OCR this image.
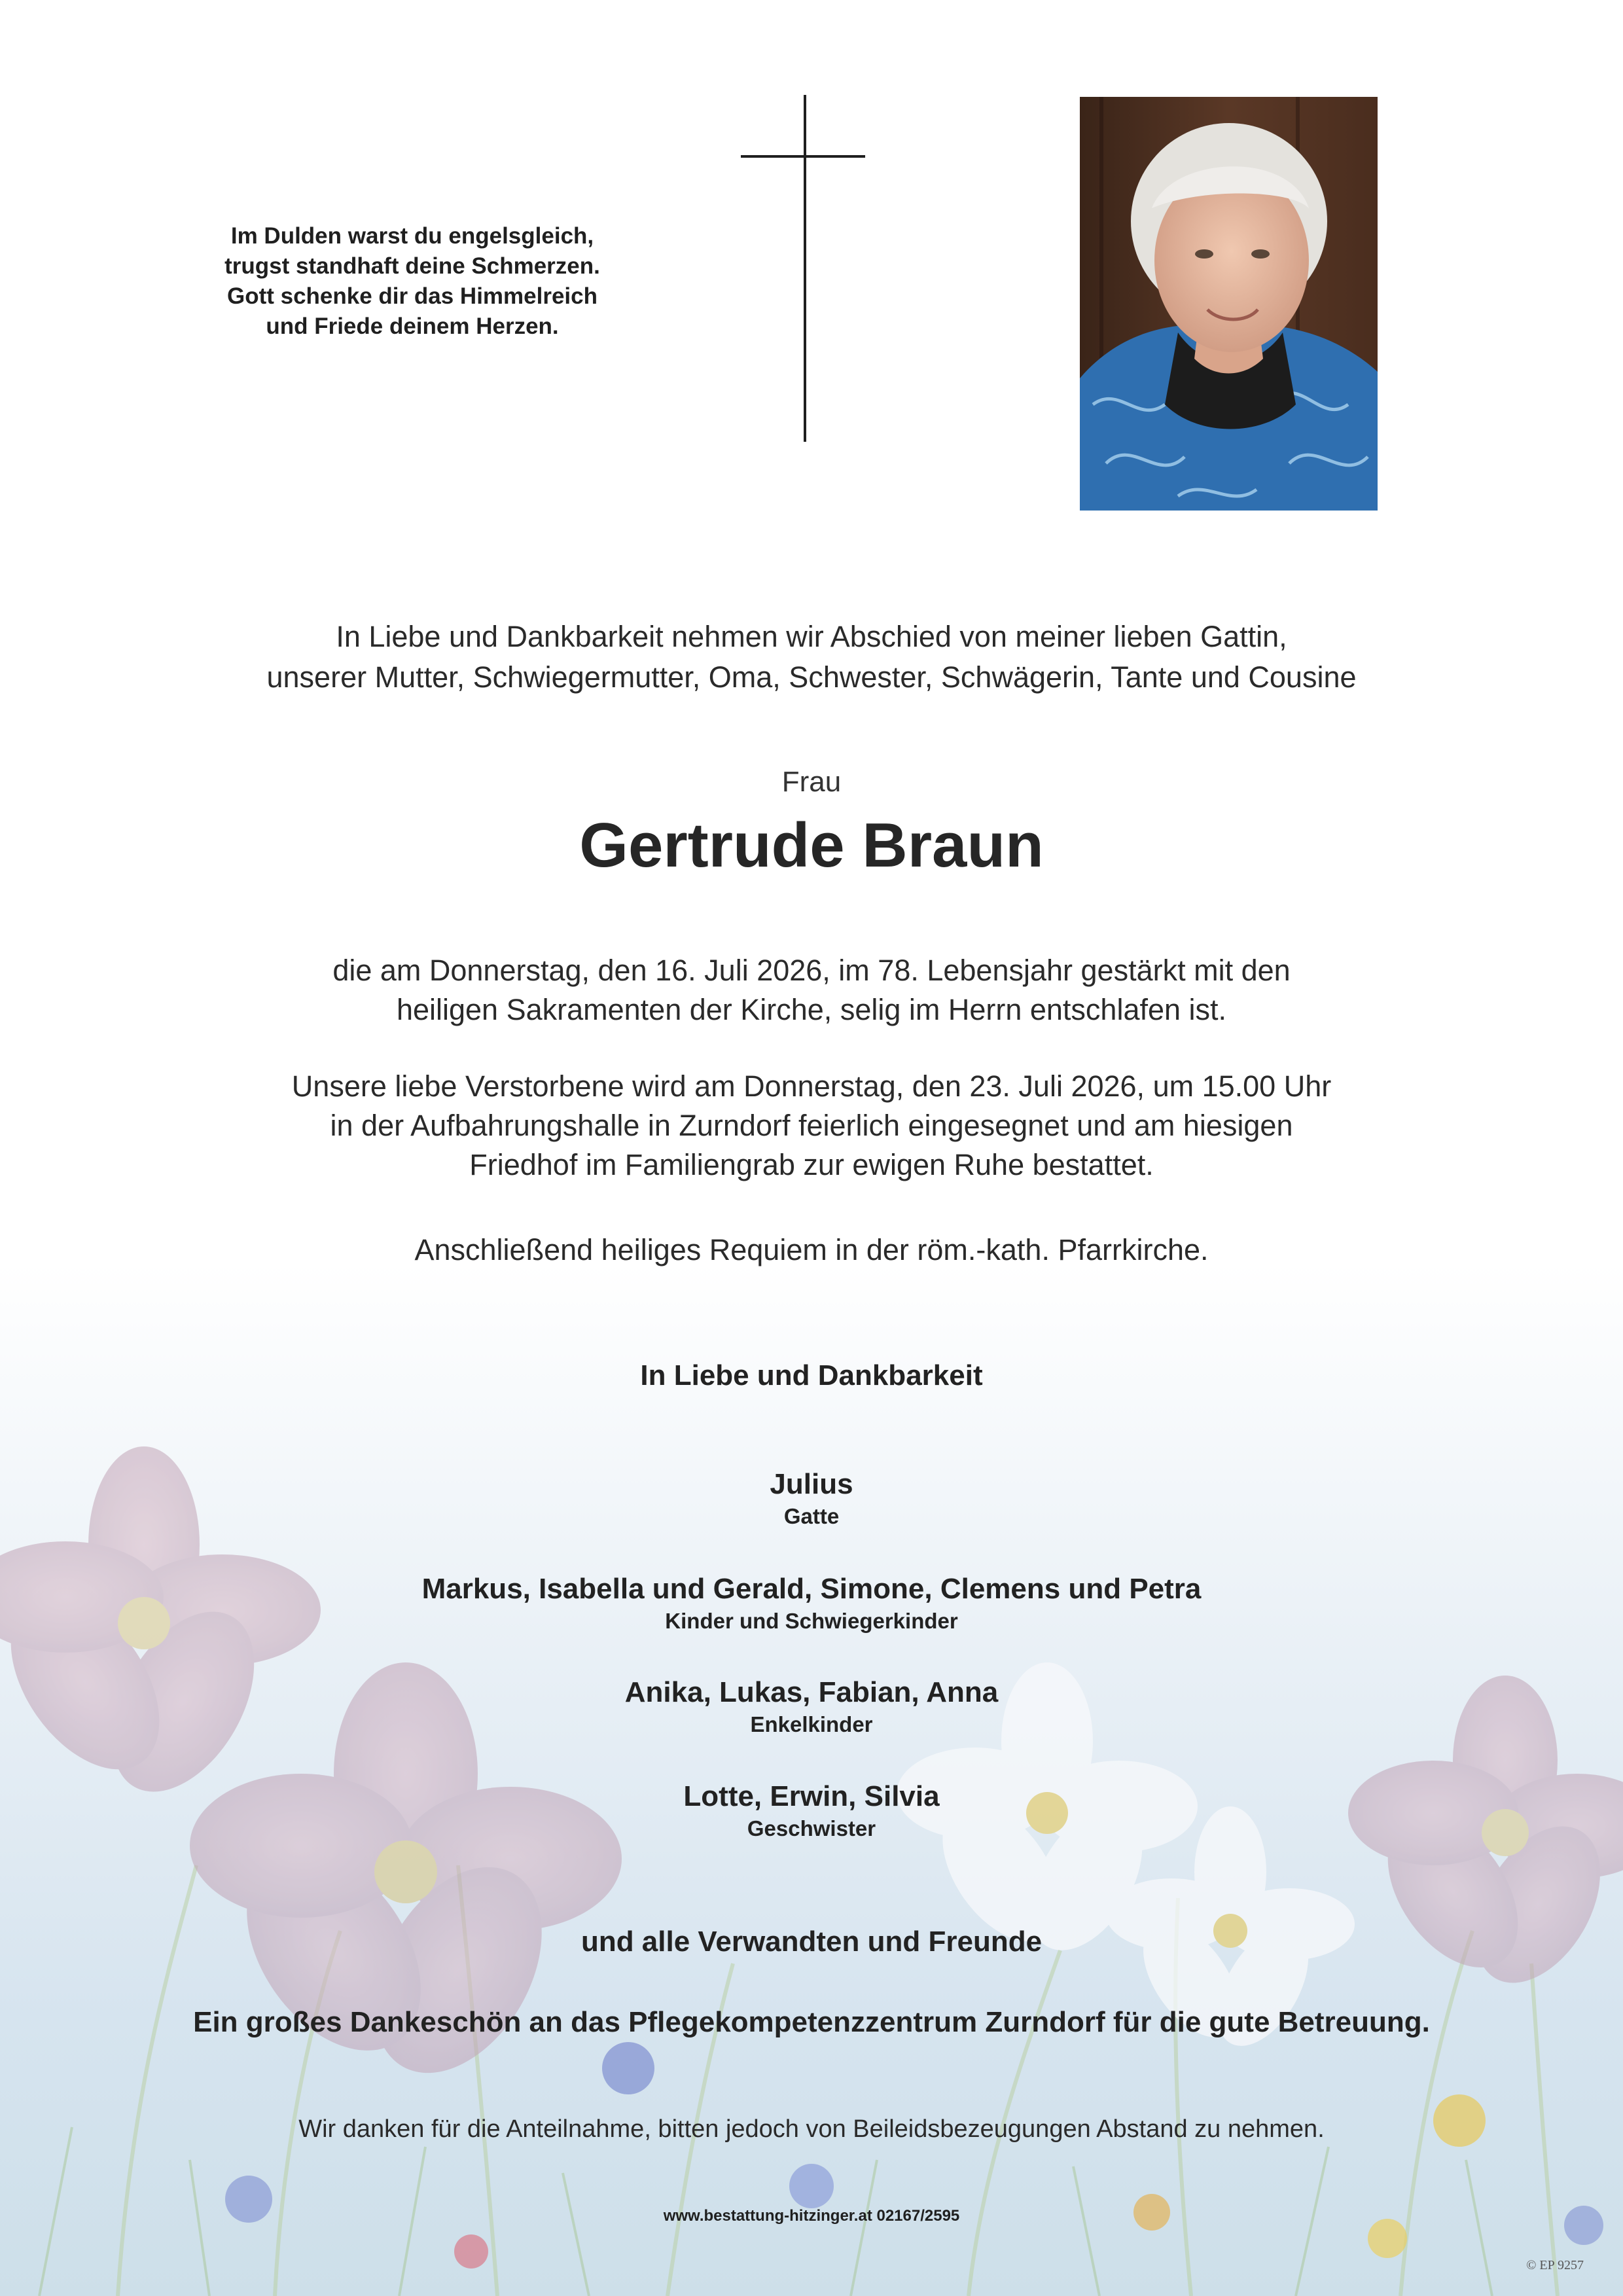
Im Dulden warst du engelsgleich,
trugst standhaft deine Schmerzen.
Gott schenke dir das Himmelreich
und Friede deinem Herzen.
In Liebe und Dankbarkeit nehmen wir Abschied von meiner lieben Gattin,
unserer Mutter, Schwiegermutter, Oma, Schwester, Schwägerin, Tante und Cousine
Frau
Gertrude Braun
die am Donnerstag, den 16. Juli 2026, im 78. Lebensjahr gestärkt mit den
heiligen Sakramenten der Kirche, selig im Herrn entschlafen ist.
Unsere liebe Verstorbene wird am Donnerstag, den 23. Juli 2026, um 15.00 Uhr
in der Aufbahrungshalle in Zurndorf feierlich eingesegnet und am hiesigen
Friedhof im Familiengrab zur ewigen Ruhe bestattet.
Anschließend heiliges Requiem in der röm.-kath. Pfarrkirche.
In Liebe und Dankbarkeit
Julius
Gatte
Markus, Isabella und Gerald, Simone, Clemens und Petra
Kinder und Schwiegerkinder
Anika, Lukas, Fabian, Anna
Enkelkinder
Lotte, Erwin, Silvia
Geschwister
und alle Verwandten und Freunde
Ein großes Dankeschön an das Pflegekompetenzzentrum Zurndorf für die gute Betreuung.
Wir danken für die Anteilnahme, bitten jedoch von Beileidsbezeugungen Abstand zu nehmen.
www.bestattung-hitzinger.at 02167/2595
© EP 9257
